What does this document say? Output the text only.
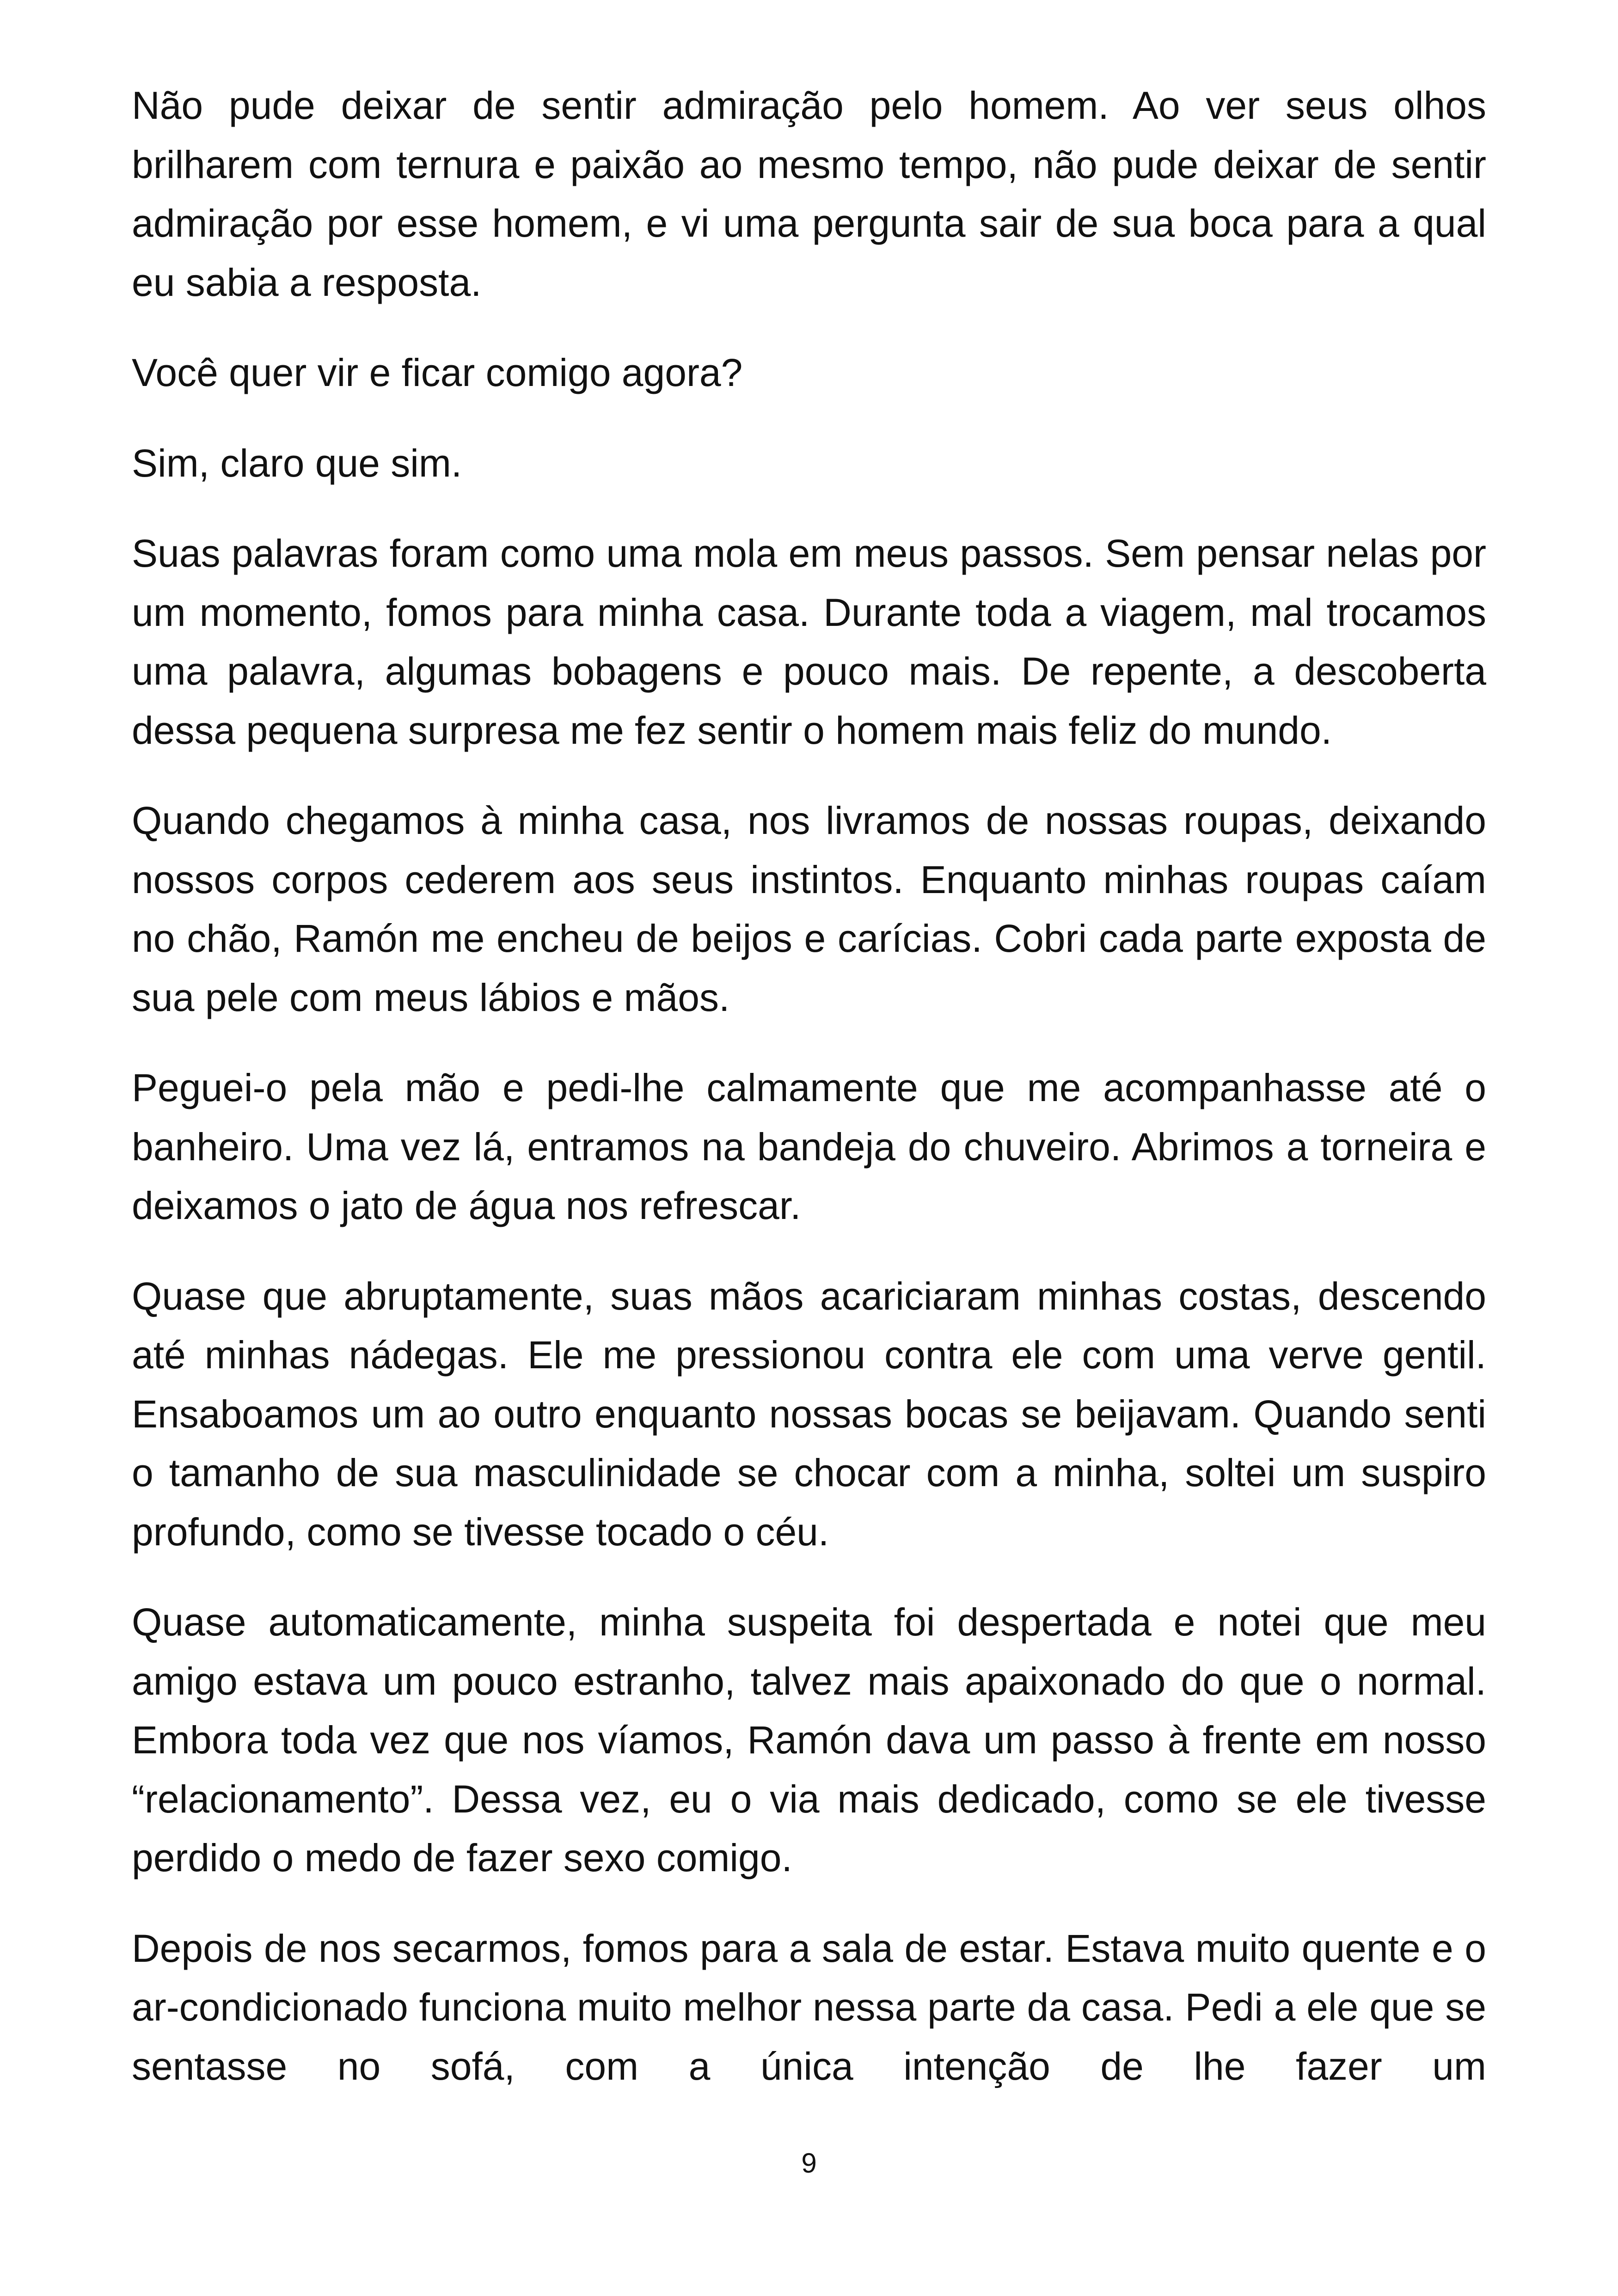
Não pude deixar de sentir admiração pelo homem. Ao ver seus olhos brilharem com ternura e paixão ao mesmo tempo, não pude deixar de sentir admiração por esse homem, e vi uma pergunta sair de sua boca para a qual eu sabia a resposta.

Você quer vir e ficar comigo agora?

Sim, claro que sim.

Suas palavras foram como uma mola em meus passos. Sem pensar nelas por um momento, fomos para minha casa. Durante toda a viagem, mal trocamos uma palavra, algumas bobagens e pouco mais. De repente, a descoberta dessa pequena surpresa me fez sentir o homem mais feliz do mundo.

Quando chegamos à minha casa, nos livramos de nossas roupas, deixando nossos corpos cederem aos seus instintos. Enquanto minhas roupas caíam no chão, Ramón me encheu de beijos e carícias. Cobri cada parte exposta de sua pele com meus lábios e mãos.

Peguei-o pela mão e pedi-lhe calmamente que me acompanhasse até o banheiro. Uma vez lá, entramos na bandeja do chuveiro. Abrimos a torneira e deixamos o jato de água nos refrescar.

Quase que abruptamente, suas mãos acariciaram minhas costas, descendo até minhas nádegas. Ele me pressionou contra ele com uma verve gentil. Ensaboamos um ao outro enquanto nossas bocas se beijavam. Quando senti o tamanho de sua masculinidade se chocar com a minha, soltei um suspiro profundo, como se tivesse tocado o céu.

Quase automaticamente, minha suspeita foi despertada e notei que meu amigo estava um pouco estranho, talvez mais apaixonado do que o normal. Embora toda vez que nos víamos, Ramón dava um passo à frente em nosso “relacionamento”. Dessa vez, eu o via mais dedicado, como se ele tivesse perdido o medo de fazer sexo comigo.

Depois de nos secarmos, fomos para a sala de estar. Estava muito quente e o ar-condicionado funciona muito melhor nessa parte da casa. Pedi a ele que se sentasse no sofá, com a única intenção de lhe fazer um

9
